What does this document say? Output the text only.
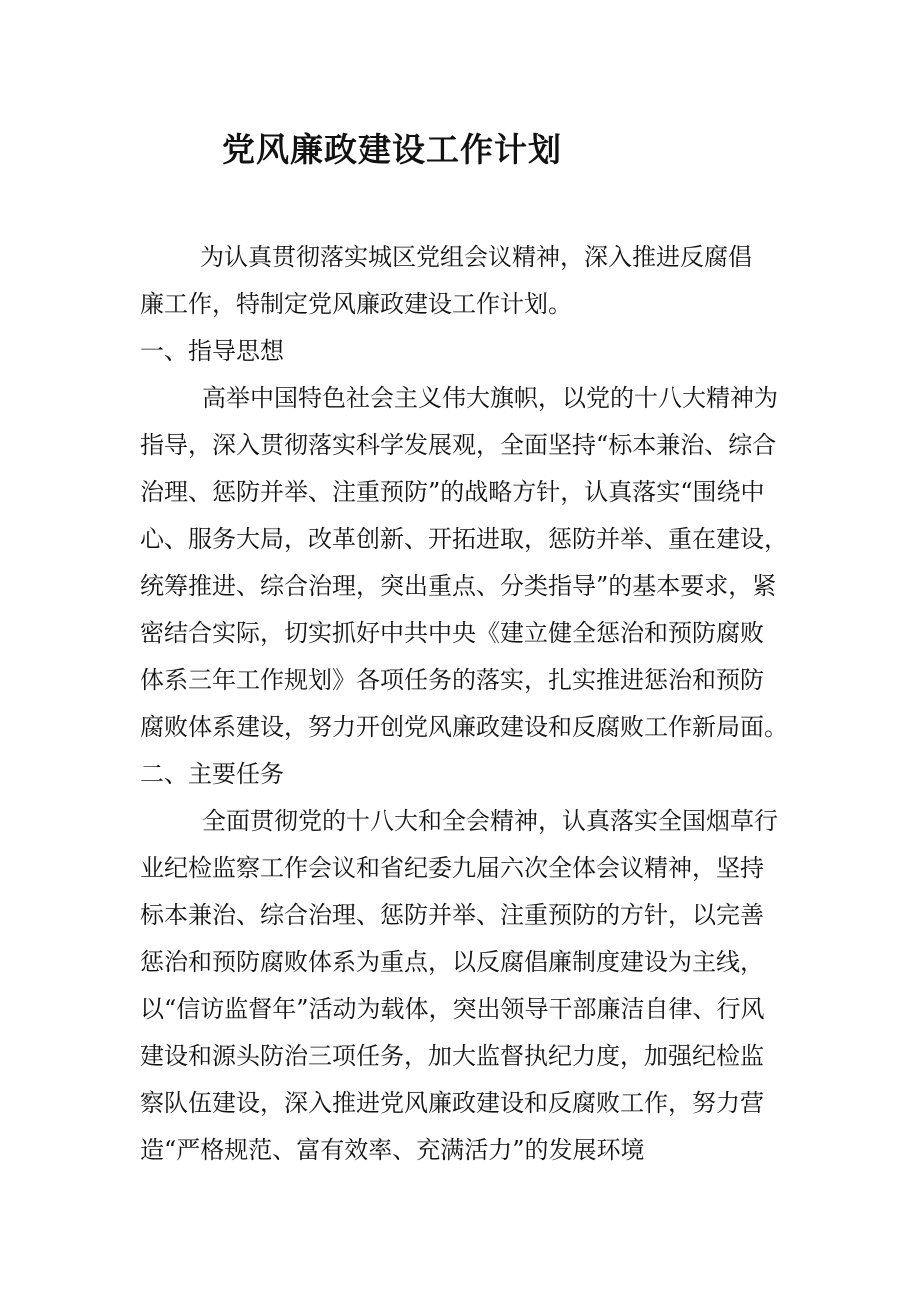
党风廉政建设工作计划
为认真贯彻落实城区党组会议精神，深入推进反腐倡
廉工作，特制定党风廉政建设工作计划。
一、指导思想
高举中国特色社会主义伟大旗帜，以党的十八大精神为
指导，深入贯彻落实科学发展观，全面坚持“标本兼治、综合
治理、惩防并举、注重预防”的战略方针，认真落实“围绕中
心、服务大局，改革创新、开拓进取，惩防并举、重在建设，
统筹推进、综合治理，突出重点、分类指导”的基本要求，紧
密结合实际，切实抓好中共中央《建立健全惩治和预防腐败
体系三年工作规划》各项任务的落实，扎实推进惩治和预防
腐败体系建设，努力开创党风廉政建设和反腐败工作新局面。
二、主要任务
全面贯彻党的十八大和全会精神，认真落实全国烟草行
业纪检监察工作会议和省纪委九届六次全体会议精神，坚持
标本兼治、综合治理、惩防并举、注重预防的方针，以完善
惩治和预防腐败体系为重点，以反腐倡廉制度建设为主线，
以“信访监督年”活动为载体，突出领导干部廉洁自律、行风
建设和源头防治三项任务，加大监督执纪力度，加强纪检监
察队伍建设，深入推进党风廉政建设和反腐败工作，努力营
造“严格规范、富有效率、充满活力”的发展环境
